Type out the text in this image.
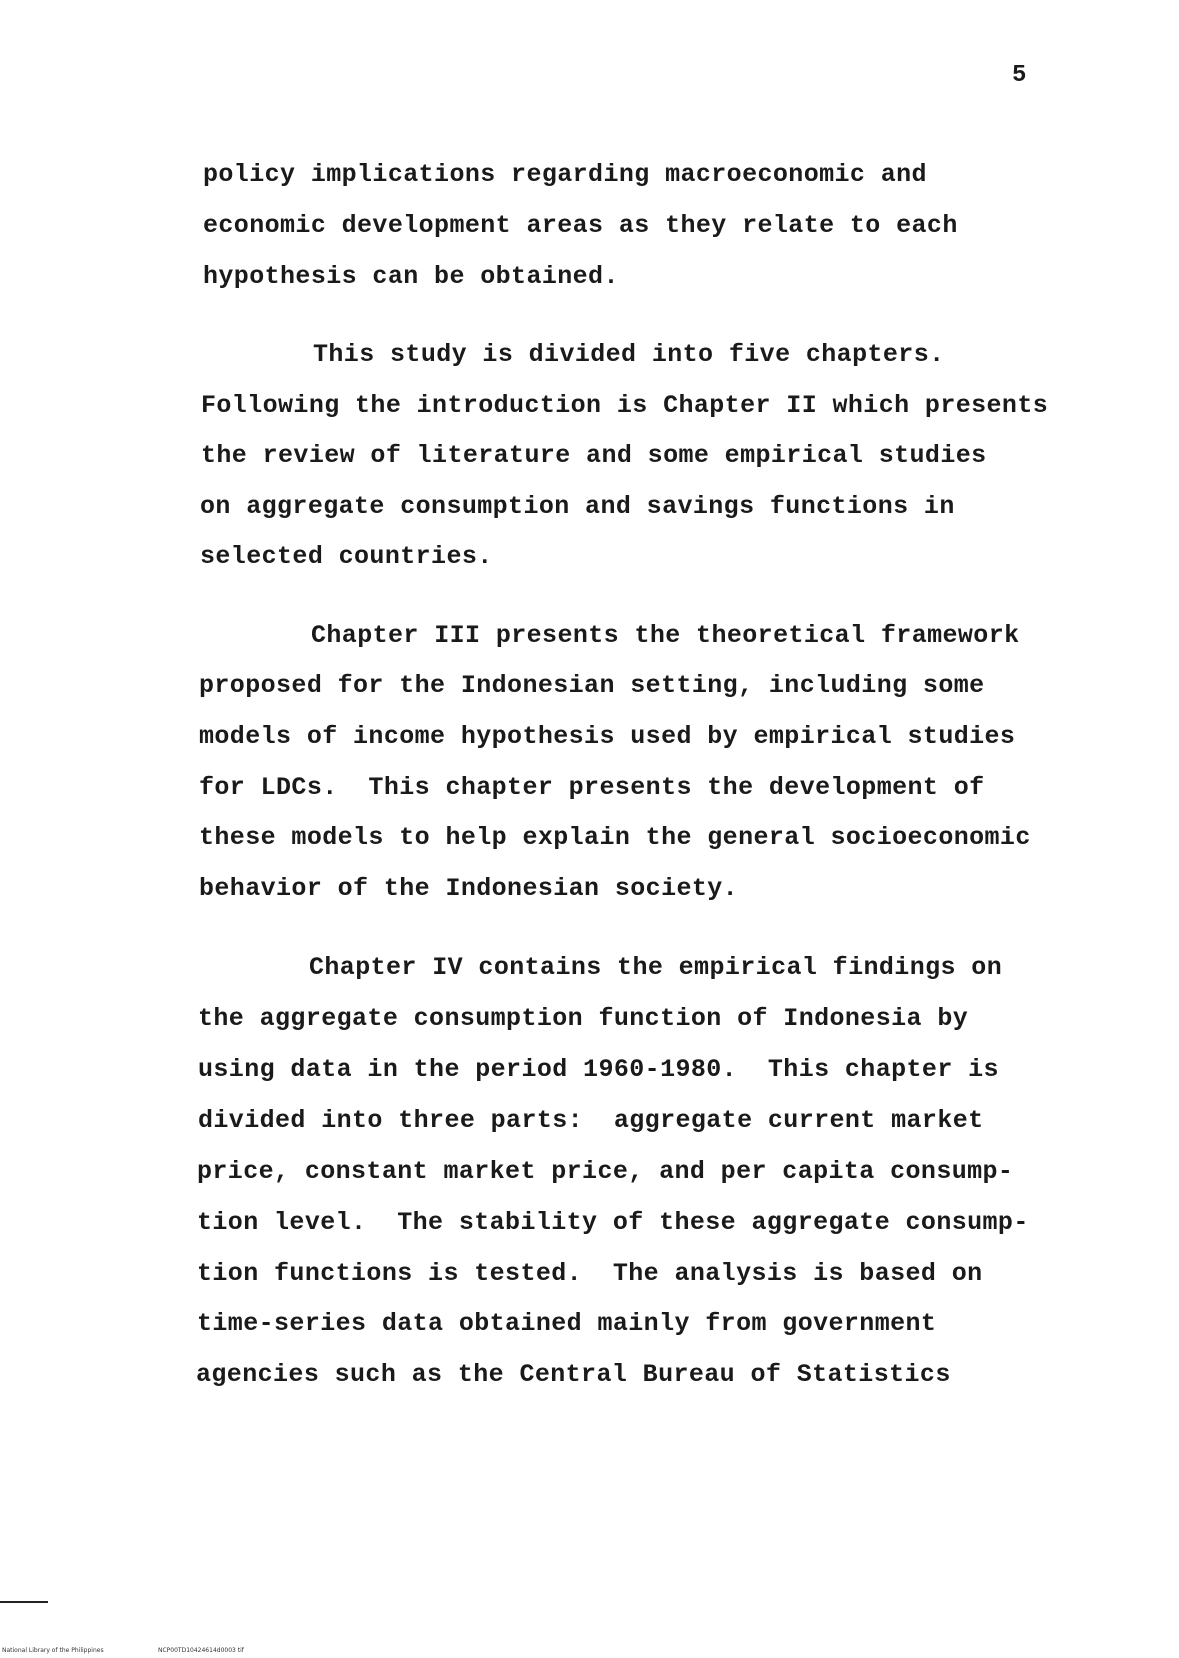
5
policy implications regarding macroeconomic and
economic development areas as they relate to each
hypothesis can be obtained.
This study is divided into five chapters.
Following the introduction is Chapter II which presents
the review of literature and some empirical studies
on aggregate consumption and savings functions in
selected countries.
Chapter III presents the theoretical framework
proposed for the Indonesian setting, including some
models of income hypothesis used by empirical studies
for LDCs.  This chapter presents the development of
these models to help explain the general socioeconomic
behavior of the Indonesian society.
Chapter IV contains the empirical findings on
the aggregate consumption function of Indonesia by
using data in the period 1960-1980.  This chapter is
divided into three parts:  aggregate current market
price, constant market price, and per capita consump-
tion level.  The stability of these aggregate consump-
tion functions is tested.  The analysis is based on
time-series data obtained mainly from government
agencies such as the Central Bureau of Statistics
National Library of the Philippines	NCP00TD10424614d0003 tif
